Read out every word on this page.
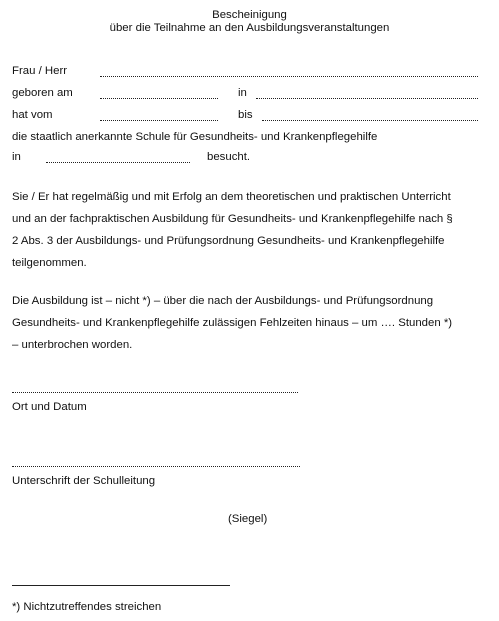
Bescheinigung
über die Teilnahme an den Ausbildungsveranstaltungen
Frau / Herr
geboren am	in
hat vom	bis
die staatlich anerkannte Schule für Gesundheits- und Krankenpflegehilfe
in	besucht.
Sie / Er hat regelmäßig und mit Erfolg an dem theoretischen und praktischen Unterricht
und an der fachpraktischen Ausbildung für Gesundheits- und Krankenpflegehilfe nach §
2 Abs. 3 der Ausbildungs- und Prüfungsordnung Gesundheits- und Krankenpflegehilfe
teilgenommen.
Die Ausbildung ist – nicht *) – über die nach der Ausbildungs- und Prüfungsordnung
Gesundheits- und Krankenpflegehilfe zulässigen Fehlzeiten hinaus – um …. Stunden *)
– unterbrochen worden.
Ort und Datum
Unterschrift der Schulleitung
(Siegel)
*) Nichtzutreffendes streichen
